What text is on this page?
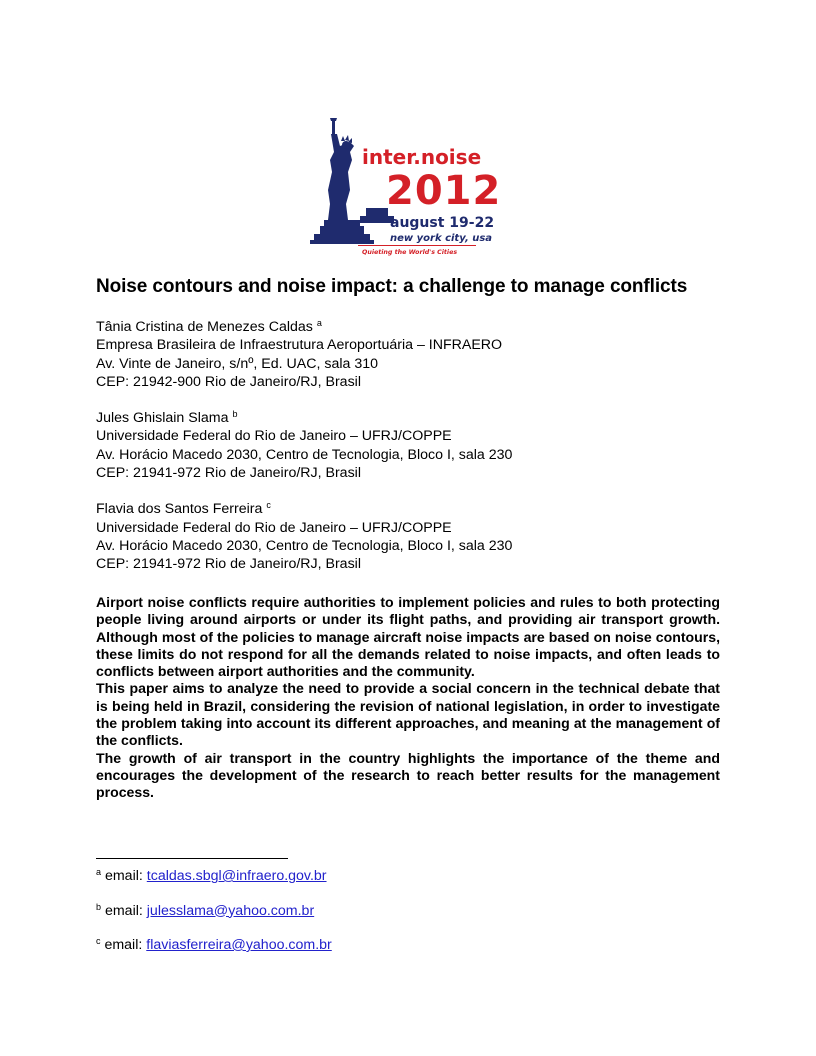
inter.noise
2012
august 19-22
new york city, usa
Quieting the World's Cities
Noise contours and noise impact: a challenge to manage conflicts
Tânia Cristina de Menezes Caldas $^a$
Empresa Brasileira de Infraestrutura Aeroportuária – INFRAERO
Av. Vinte de Janeiro, s/nº, Ed. UAC, sala 310
CEP: 21942-900 Rio de Janeiro/RJ, Brasil
Jules Ghislain Slama $^b$
Universidade Federal do Rio de Janeiro – UFRJ/COPPE
Av. Horácio Macedo 2030, Centro de Tecnologia, Bloco I, sala 230
CEP: 21941-972 Rio de Janeiro/RJ, Brasil
Flavia dos Santos Ferreira $^c$
Universidade Federal do Rio de Janeiro – UFRJ/COPPE
Av. Horácio Macedo 2030, Centro de Tecnologia, Bloco I, sala 230
CEP: 21941-972 Rio de Janeiro/RJ, Brasil

Airport noise conflicts require authorities to implement policies and rules to both protecting people living around airports or under its flight paths, and providing air transport growth. Although most of the policies to manage aircraft noise impacts are based on noise contours, these limits do not respond for all the demands related to noise impacts, and often leads to conflicts between airport authorities and the community.

This paper aims to analyze the need to provide a social concern in the technical debate that is being held in Brazil, considering the revision of national legislation, in order to investigate the problem taking into account its different approaches, and meaning at the management of the conflicts.

The growth of air transport in the country highlights the importance of the theme and encourages the development of the research to reach better results for the management process.

$^a$ email: tcaldas.sbgl@infraero.gov.br
$^b$ email: julesslama@yahoo.com.br
$^c$ email: flaviasferreira@yahoo.com.br
